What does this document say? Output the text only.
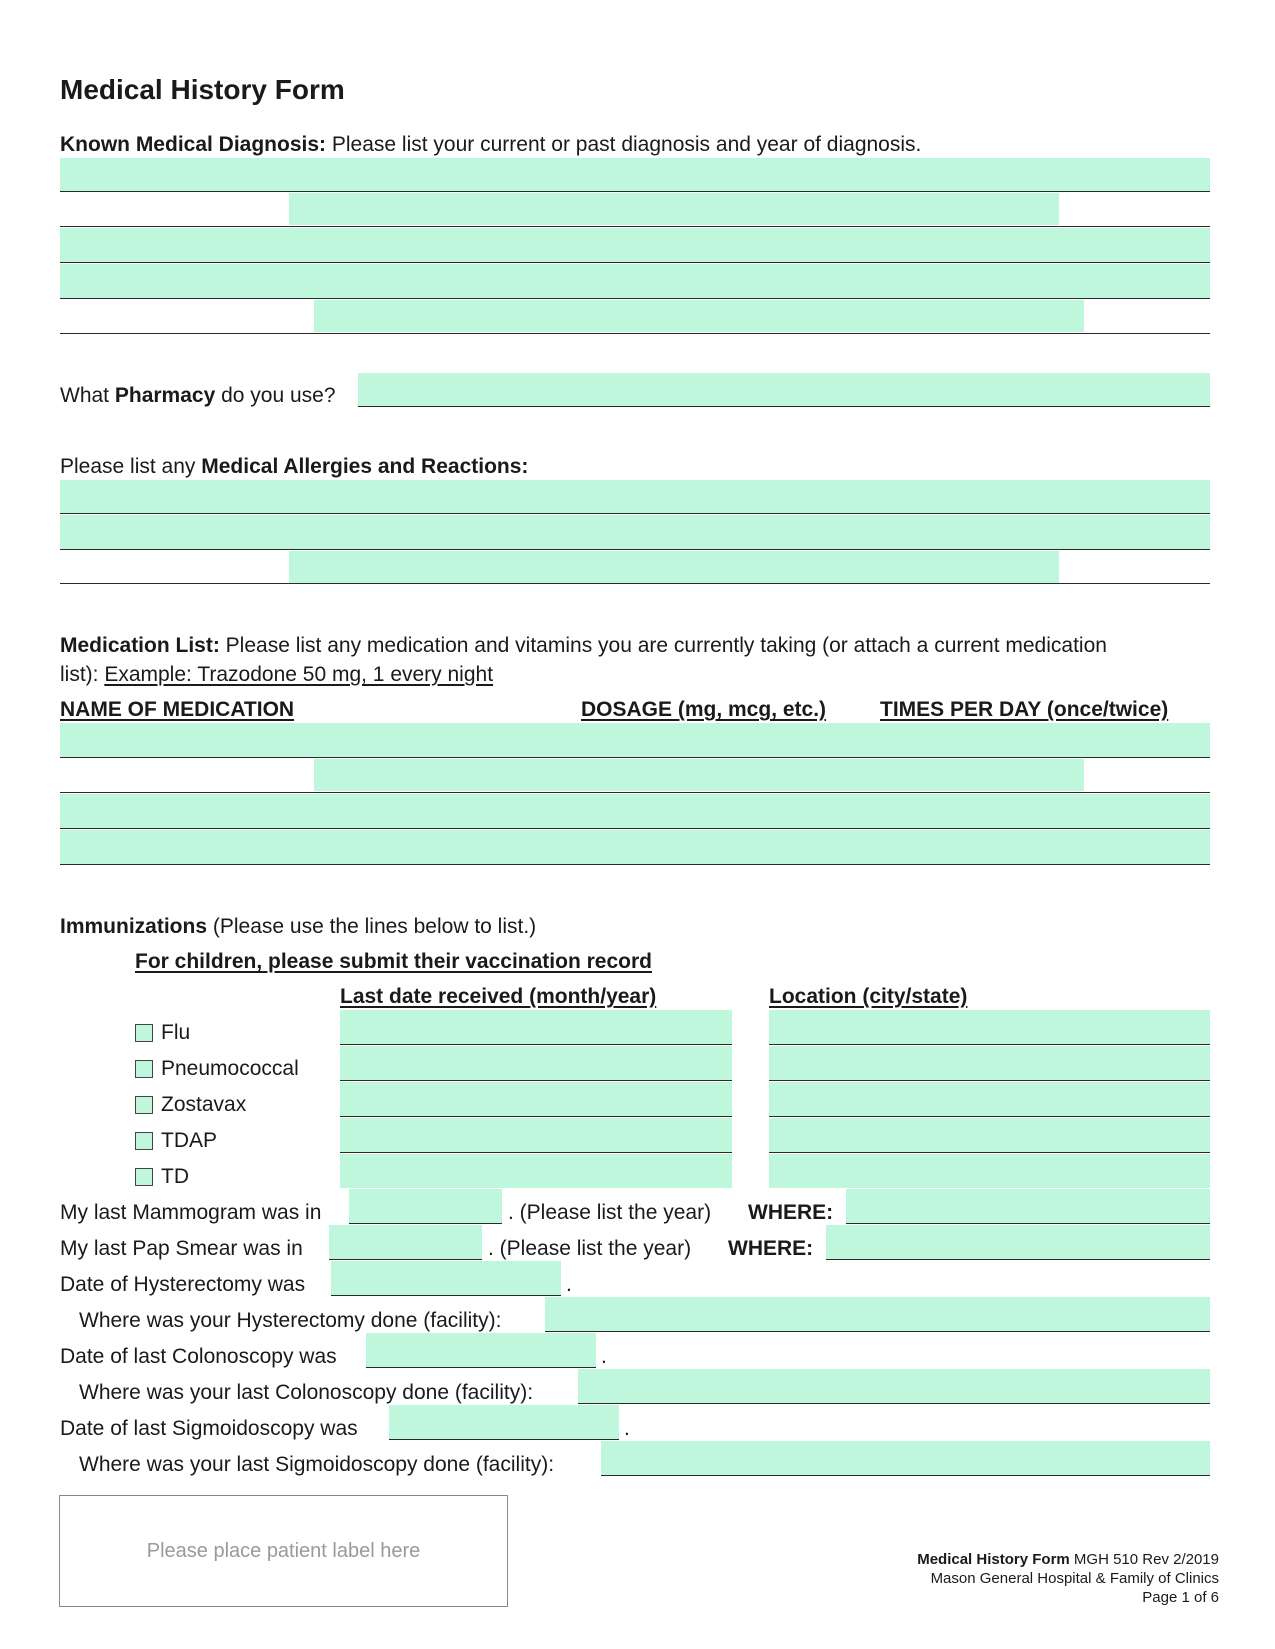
Medical History Form
Known Medical Diagnosis: Please list your current or past diagnosis and year of diagnosis.
What Pharmacy do you use?
Please list any Medical Allergies and Reactions:
Medication List: Please list any medication and vitamins you are currently taking (or attach a current medication
list): Example: Trazodone 50 mg, 1 every night
NAME OF MEDICATION	DOSAGE (mg, mcg, etc.)	TIMES PER DAY (once/twice)
Immunizations (Please use the lines below to list.)
For children, please submit their vaccination record
Last date received (month/year)	Location (city/state)
Flu
Pneumococcal
Zostavax
TDAP
TD
My last Mammogram was in	. (Please list the year) WHERE:
My last Pap Smear was in	. (Please list the year) WHERE:
Date of Hysterectomy was	.
Where was your Hysterectomy done (facility):
Date of last Colonoscopy was	.
Where was your last Colonoscopy done (facility):
Date of last Sigmoidoscopy was	.
Where was your last Sigmoidoscopy done (facility):
Please place patient label here	Medical History Form MGH 510 Rev 2/2019
Mason General Hospital & Family of Clinics
Page 1 of 6
